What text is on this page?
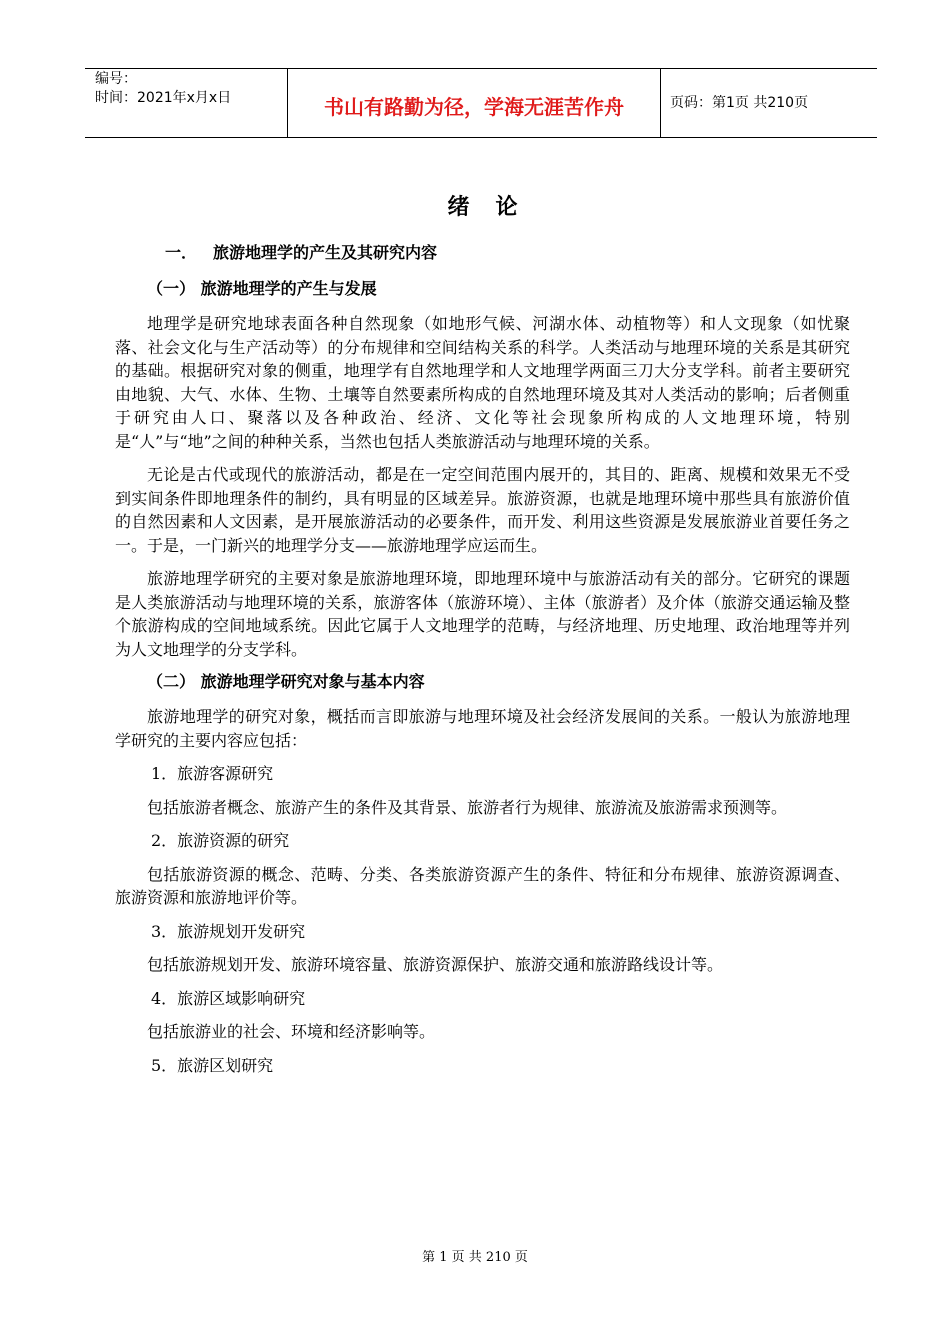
编号：
时间：2021年x月x日	书山有路勤为径，学海无涯苦作舟	页码：第1页 共210页
绪论
一． 旅游地理学的产生及其研究内容
（一） 旅游地理学的产生与发展

地理学是研究地球表面各种自然现象（如地形气候、河湖水体、动植物等）和人文现象（如忧聚落、社会文化与生产活动等）的分布规律和空间结构关系的科学。人类活动与地理环境的关系是其研究的基础。根据研究对象的侧重，地理学有自然地理学和人文地理学两面三刀大分支学科。前者主要研究由地貌、大气、水体、生物、土壤等自然要素所构成的自然地理环境及其对人类活动的影响；后者侧重于研究由人口、聚落以及各种政治、经济、文化等社会现象所构成的人文地理环境，特别是“人”与“地”之间的种种关系，当然也包括人类旅游活动与地理环境的关系。

无论是古代或现代的旅游活动，都是在一定空间范围内展开的，其目的、距离、规模和效果无不受到实间条件即地理条件的制约，具有明显的区域差异。旅游资源，也就是地理环境中那些具有旅游价值的自然因素和人文因素，是开展旅游活动的必要条件，而开发、利用这些资源是发展旅游业首要任务之一。于是，一门新兴的地理学分支——旅游地理学应运而生。

旅游地理学研究的主要对象是旅游地理环境，即地理环境中与旅游活动有关的部分。它研究的课题是人类旅游活动与地理环境的关系，旅游客体（旅游环境）、主体（旅游者）及介体（旅游交通运输及整个旅游构成的空间地域系统。因此它属于人文地理学的范畴，与经济地理、历史地理、政治地理等并列为人文地理学的分支学科。

（二） 旅游地理学研究对象与基本内容

旅游地理学的研究对象，概括而言即旅游与地理环境及社会经济发展间的关系。一般认为旅游地理学研究的主要内容应包括：

1．旅游客源研究

包括旅游者概念、旅游产生的条件及其背景、旅游者行为规律、旅游流及旅游需求预测等。

2．旅游资源的研究

包括旅游资源的概念、范畴、分类、各类旅游资源产生的条件、特征和分布规律、旅游资源调查、旅游资源和旅游地评价等。

3．旅游规划开发研究

包括旅游规划开发、旅游环境容量、旅游资源保护、旅游交通和旅游路线设计等。

4．旅游区域影响研究

包括旅游业的社会、环境和经济影响等。

5．旅游区划研究

第 1 页 共 210 页
